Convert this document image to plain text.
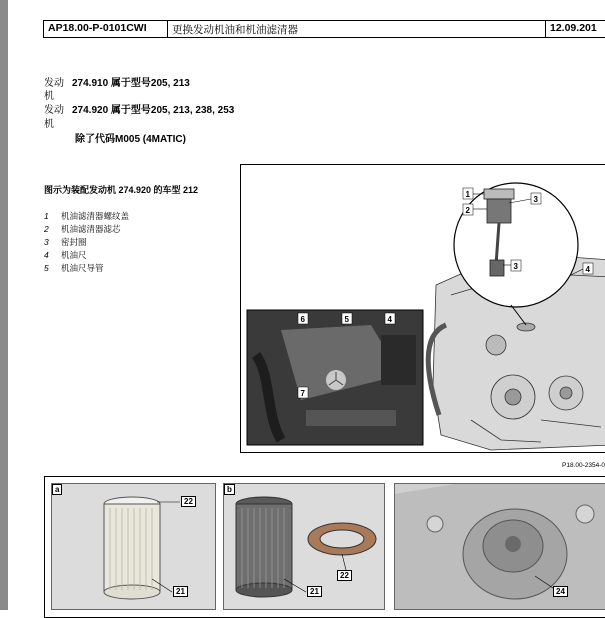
AP18.00-P-0101CWI	更换发动机油和机油滤清器	12.09.201
发动 274.910 属于型号205, 213
机
发动 274.920 属于型号205, 213, 238, 253
机
除了代码M005 (4MATIC)
图示为装配发动机 274.920 的车型 212
1 机油滤清器螺纹盖
2 机油滤清器滤芯
3 密封圈
4 机油尺
5 机油尺导管
1
2
3
3	4
6	5	4
7
P18.00-2354-0
a
22
21
b
21
22
24
